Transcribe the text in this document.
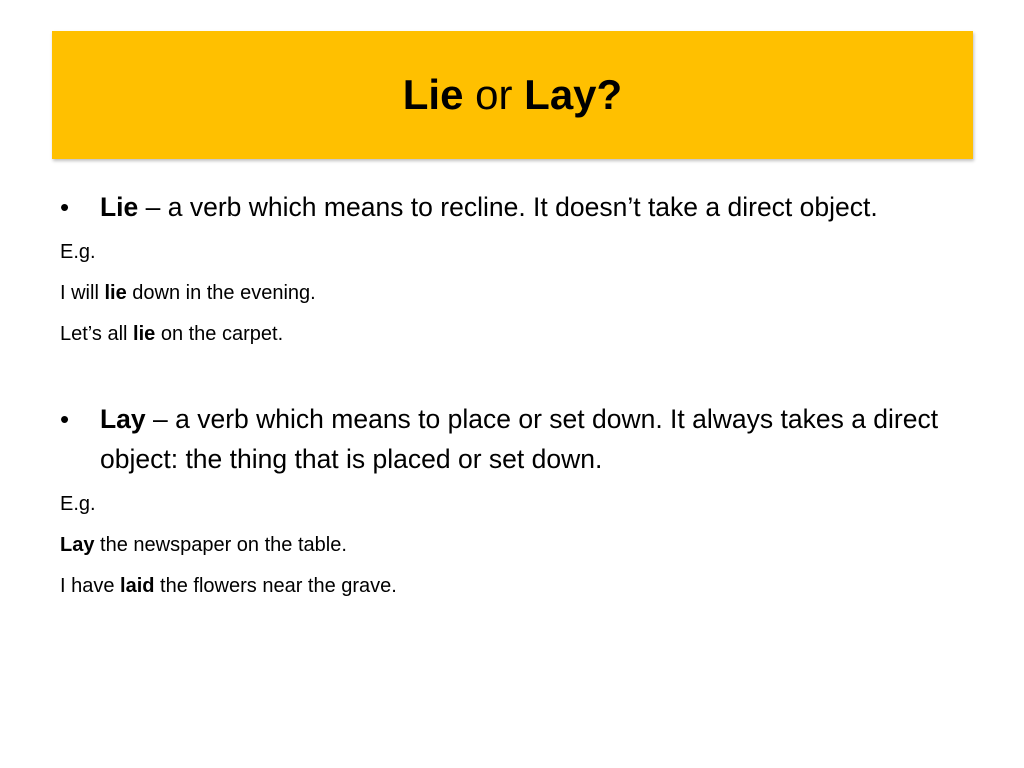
Lie or Lay?

•	Lie – a verb which means to recline. It doesn’t take a direct object.

E.g.

I will lie down in the evening.

Let’s all lie on the carpet.

•	Lay – a verb which means to place or set down. It always takes a direct object: the thing that is placed or set down.

E.g.

Lay the newspaper on the table.

I have laid the flowers near the grave.
